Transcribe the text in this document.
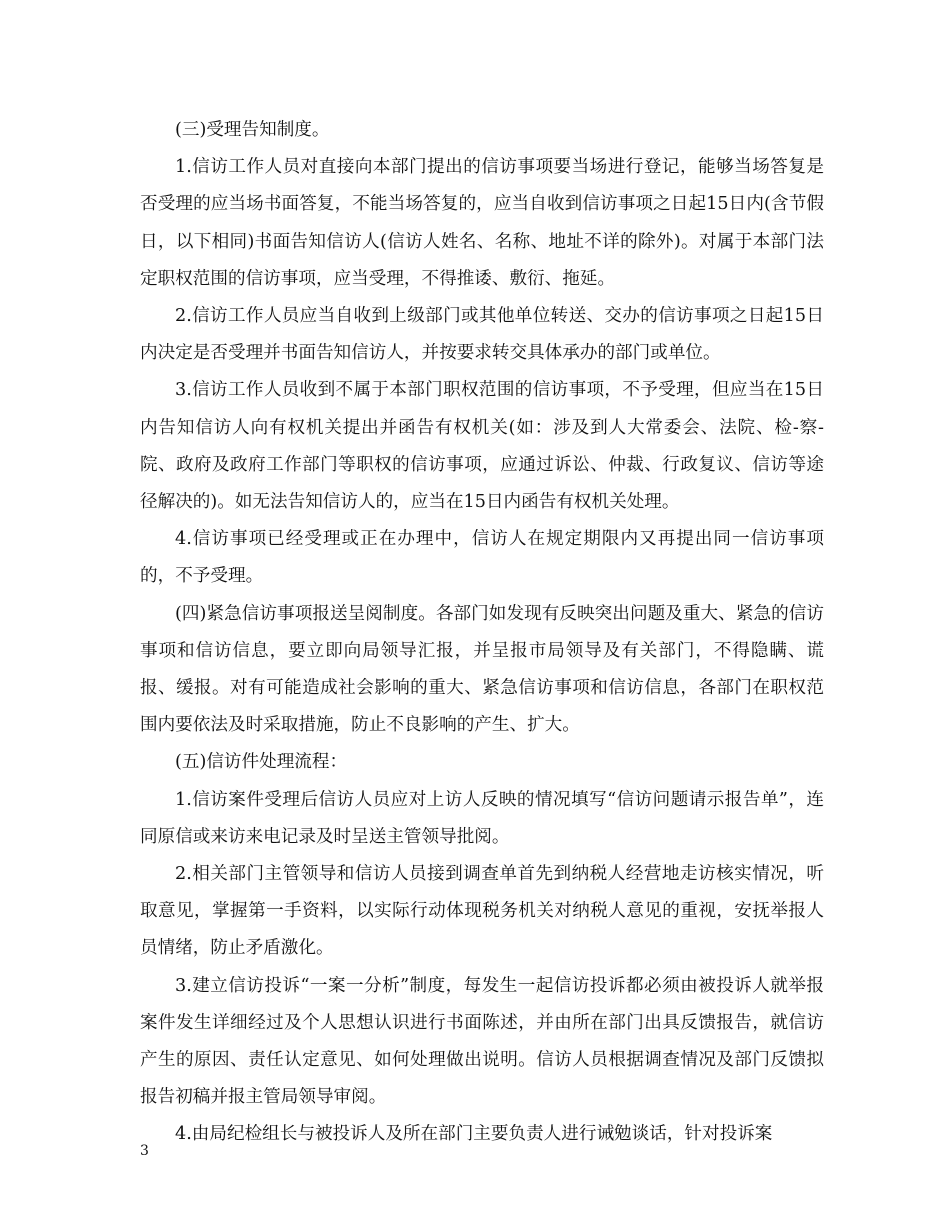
(三)受理告知制度。

1.信访工作人员对直接向本部门提出的信访事项要当场进行登记，能够当场答复是否受理的应当场书面答复，不能当场答复的，应当自收到信访事项之日起15日内(含节假日，以下相同)书面告知信访人(信访人姓名、名称、地址不详的除外)。对属于本部门法定职权范围的信访事项，应当受理，不得推诿、敷衍、拖延。

2.信访工作人员应当自收到上级部门或其他单位转送、交办的信访事项之日起15日内决定是否受理并书面告知信访人，并按要求转交具体承办的部门或单位。

3.信访工作人员收到不属于本部门职权范围的信访事项，不予受理，但应当在15日内告知信访人向有权机关提出并函告有权机关(如：涉及到人大常委会、法院、检-察-院、政府及政府工作部门等职权的信访事项，应通过诉讼、仲裁、行政复议、信访等途径解决的)。如无法告知信访人的，应当在15日内函告有权机关处理。

4.信访事项已经受理或正在办理中，信访人在规定期限内又再提出同一信访事项的，不予受理。

(四)紧急信访事项报送呈阅制度。各部门如发现有反映突出问题及重大、紧急的信访事项和信访信息，要立即向局领导汇报，并呈报市局领导及有关部门，不得隐瞒、谎报、缓报。对有可能造成社会影响的重大、紧急信访事项和信访信息，各部门在职权范围内要依法及时采取措施，防止不良影响的产生、扩大。

(五)信访件处理流程：

1.信访案件受理后信访人员应对上访人反映的情况填写“信访问题请示报告单”，连同原信或来访来电记录及时呈送主管领导批阅。

2.相关部门主管领导和信访人员接到调查单首先到纳税人经营地走访核实情况，听取意见，掌握第一手资料，以实际行动体现税务机关对纳税人意见的重视，安抚举报人员情绪，防止矛盾激化。

3.建立信访投诉“一案一分析”制度，每发生一起信访投诉都必须由被投诉人就举报案件发生详细经过及个人思想认识进行书面陈述，并由所在部门出具反馈报告，就信访产生的原因、责任认定意见、如何处理做出说明。信访人员根据调查情况及部门反馈拟报告初稿并报主管局领导审阅。

4.由局纪检组长与被投诉人及所在部门主要负责人进行诫勉谈话，针对投诉案

3
